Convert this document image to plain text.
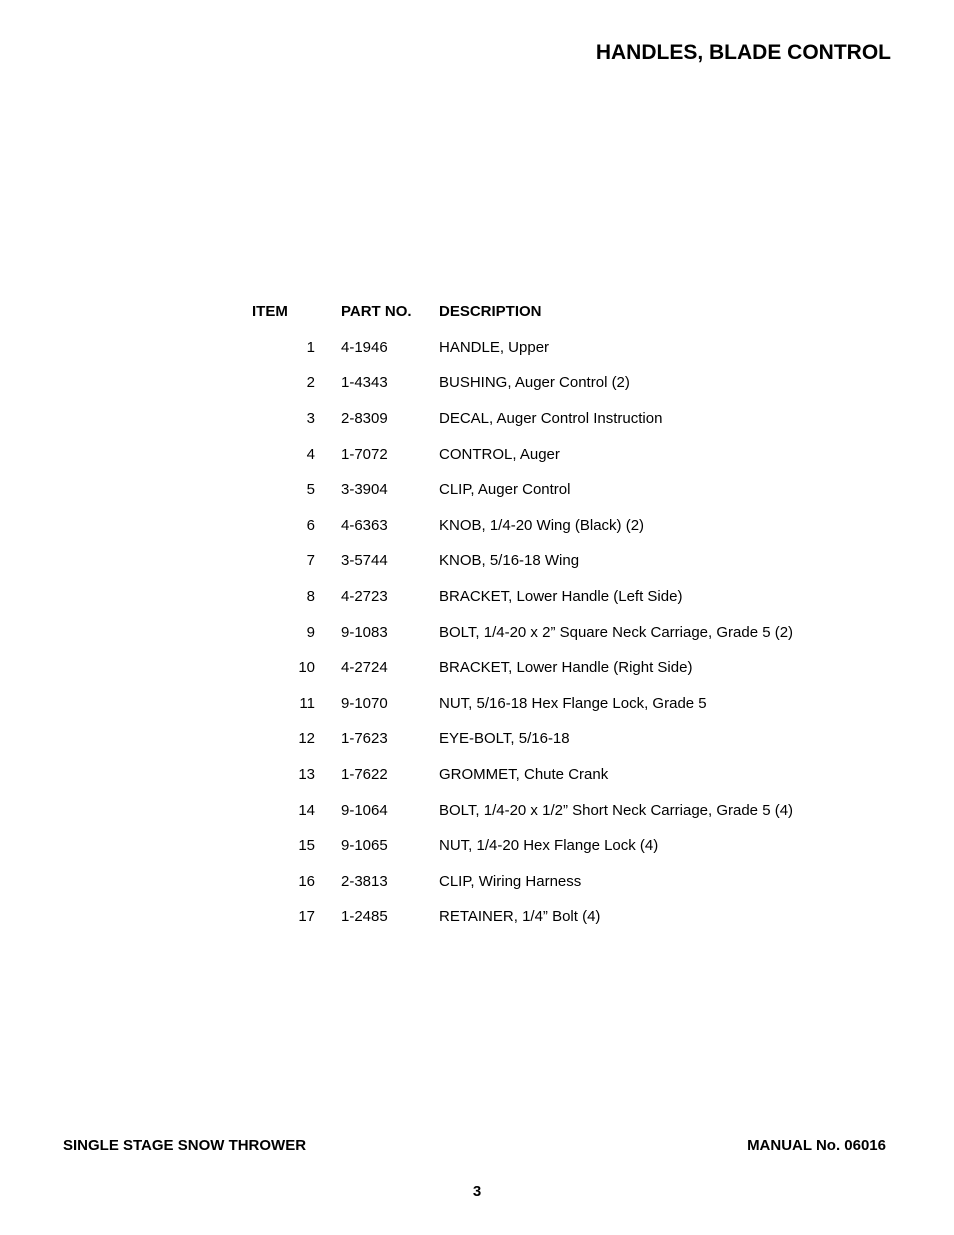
HANDLES, BLADE CONTROL
ITEM	PART NO.	DESCRIPTION
1	4-1946	HANDLE, Upper
2	1-4343	BUSHING, Auger Control (2)
3	2-8309	DECAL, Auger Control Instruction
4	1-7072	CONTROL, Auger
5	3-3904	CLIP, Auger Control
6	4-6363	KNOB, 1/4-20 Wing (Black) (2)
7	3-5744	KNOB, 5/16-18 Wing
8	4-2723	BRACKET, Lower Handle (Left Side)
9	9-1083	BOLT, 1/4-20 x 2” Square Neck Carriage, Grade 5 (2)
10	4-2724	BRACKET, Lower Handle (Right Side)
11	9-1070	NUT, 5/16-18 Hex Flange Lock, Grade 5
12	1-7623	EYE-BOLT, 5/16-18
13	1-7622	GROMMET, Chute Crank
14	9-1064	BOLT, 1/4-20 x 1/2” Short Neck Carriage, Grade 5 (4)
15	9-1065	NUT, 1/4-20 Hex Flange Lock (4)
16	2-3813	CLIP, Wiring Harness
17	1-2485	RETAINER, 1/4” Bolt (4)
SINGLE STAGE SNOW THROWER	MANUAL No. 06016
3
